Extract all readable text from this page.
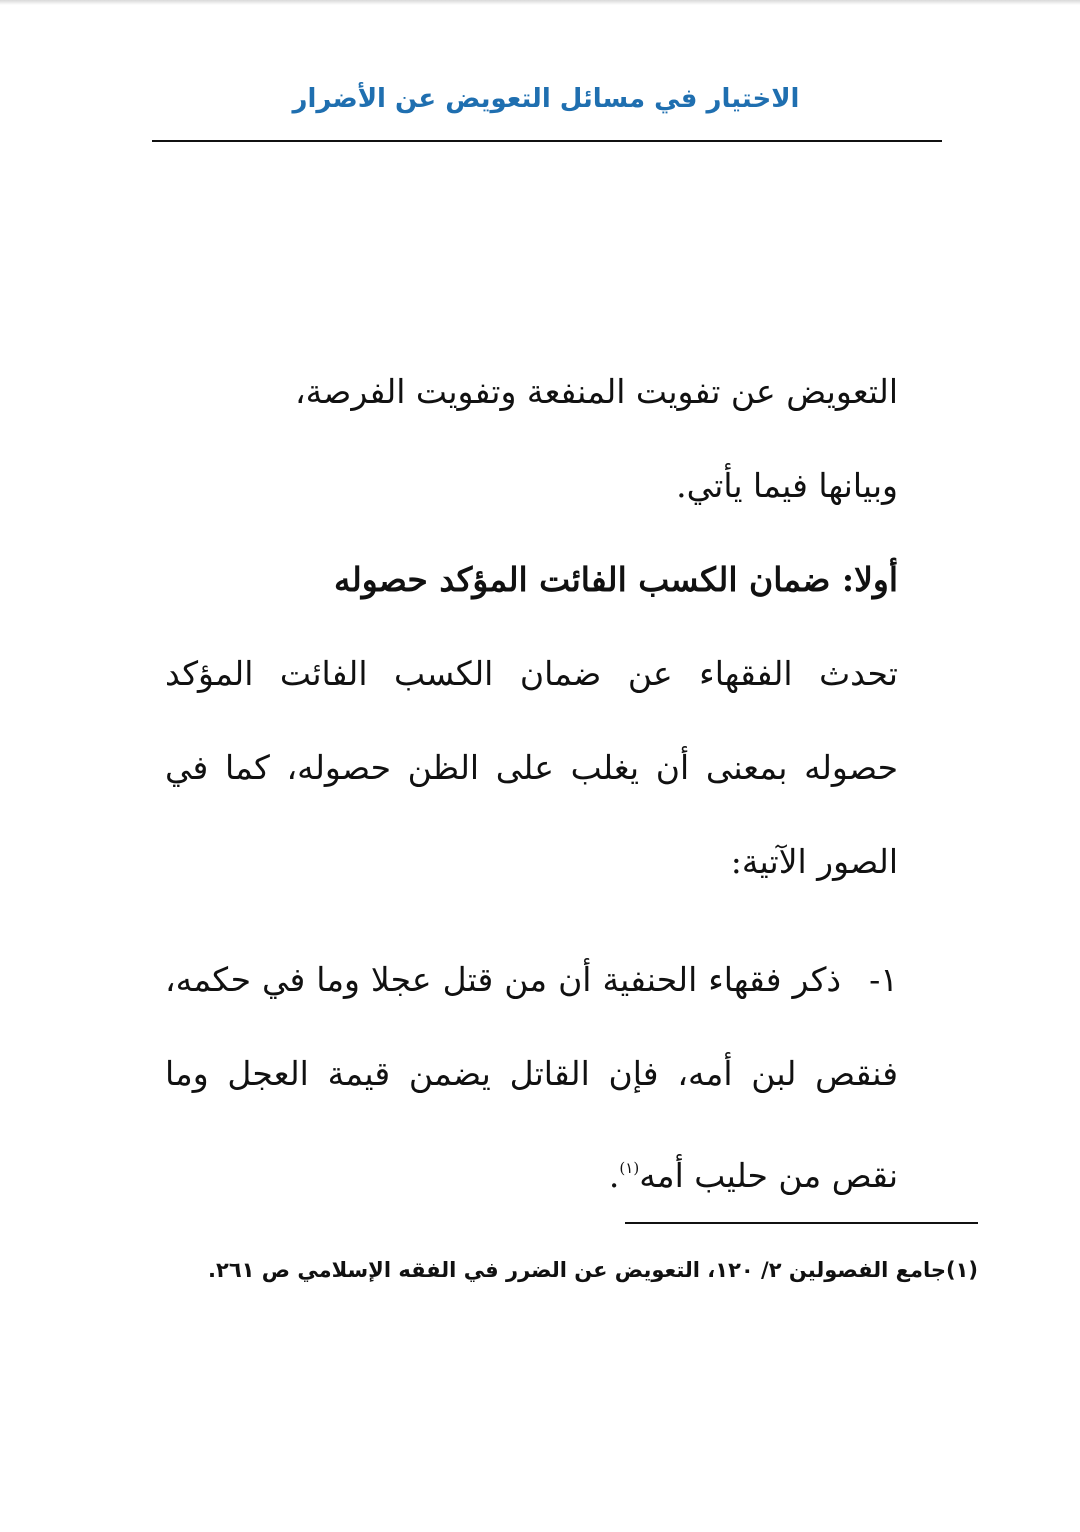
الاختيار في مسائل التعويض عن الأضرار

التعويض عن تفويت المنفعة وتفويت الفرصة،
وبيانها فيما يأتي.

أولا: ضمان الكسب الفائت المؤكد حصوله

تحدث الفقهاء عن ضمان الكسب الفائت المؤكد حصوله بمعنى أن يغلب على الظن حصوله، كما في الصور الآتية:

١-ذكر فقهاء الحنفية أن من قتل عجلا وما في حكمه، فنقص لبن أمه، فإن القاتل يضمن قيمة العجل وما نقص من حليب أمه$^{(١)}$.

(١)جامع الفصولين ٢/ ١٢٠، التعويض عن الضرر في الفقه الإسلامي ص ٢٦١.
